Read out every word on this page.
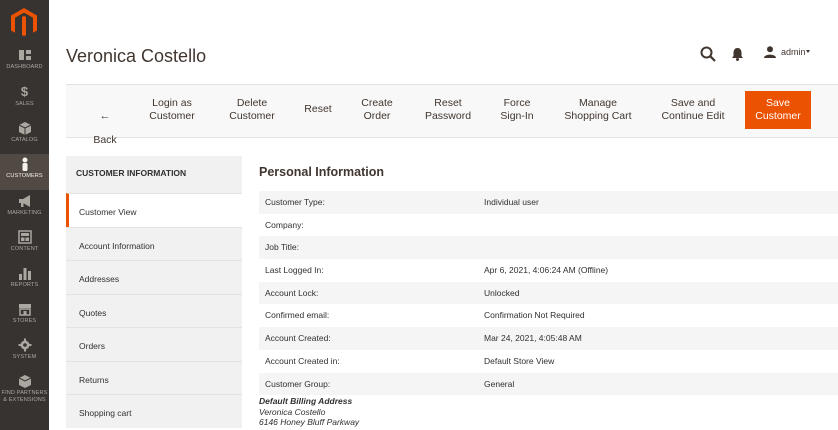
DASHBOARD
$
SALES
CATALOG
CUSTOMERS
MARKETING
CONTENT
REPORTS
STORES
SYSTEM
FIND PARTNERS & EXTENSIONS
Veronica Costello	admin

←

Back

Login as
Customer
Delete
Customer
Reset	Create
Order
Reset
Password
Force
Sign-In
Manage
Shopping Cart
Save and
Continue Edit
Save
Customer
CUSTOMER INFORMATION
Customer View
Account Information
Addresses
Quotes
Orders
Returns
Shopping cart
Personal Information
Customer Type:	Individual user
Company:
Job Title:
Last Logged In:	Apr 6, 2021, 4:06:24 AM (Offline)
Account Lock:	Unlocked
Confirmed email:	Confirmation Not Required
Account Created:	Mar 24, 2021, 4:05:48 AM
Account Created in:	Default Store View
Customer Group:	General
Default Billing Address
Veronica Costello
6146 Honey Bluff Parkway
